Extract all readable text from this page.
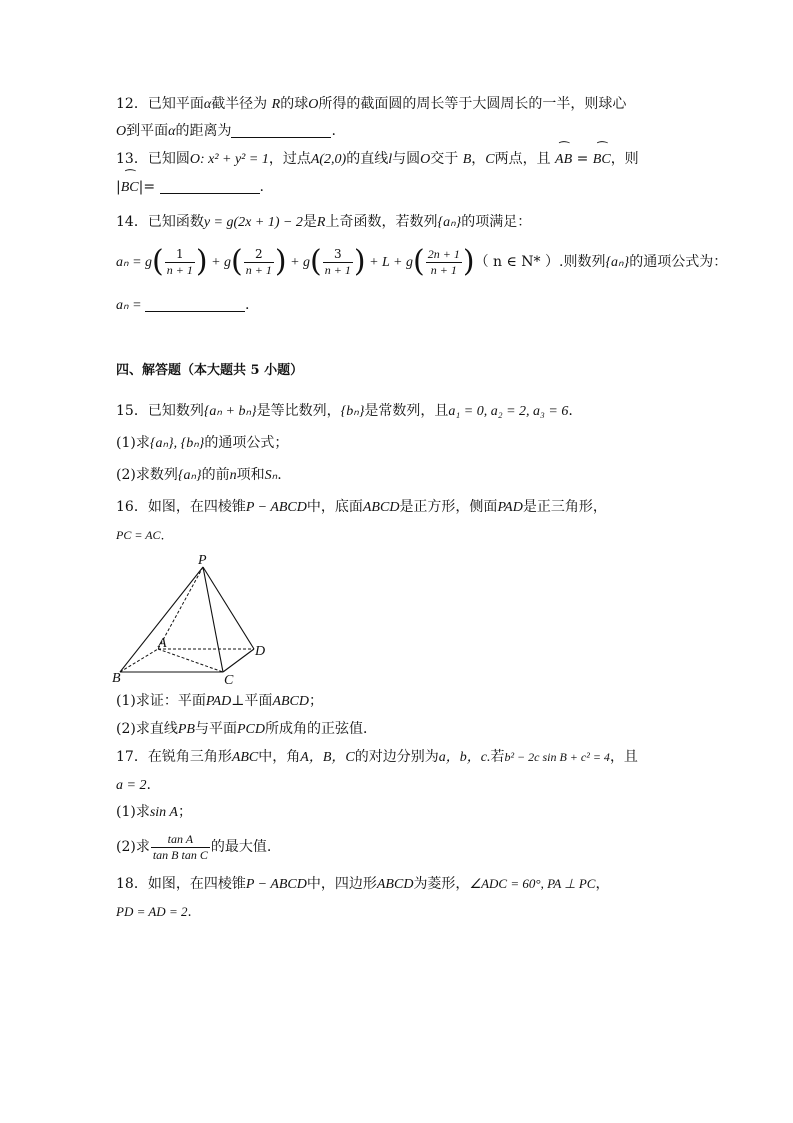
12．已知平面α截半径为 R的球O所得的截面圆的周长等于大圆周长的一半，则球心
O到平面α的距离为	.
13．已知圆O: x² + y² = 1，过点A(2,0)的直线l与圆O交于 B，C两点，且 ‿ AB = ‿ BC，则
|‿ BC|=	.
14．已知函数y = g(2x + 1) − 2是R上奇函数，若数列{aₙ}的项满足：
$a_n = g( \frac{1}{n + 1}$ ) + $g( \frac{2}{n + 1}$ ) + $g( \frac{3}{n + 1}$ ) + $L + g( \frac{2n + 1}{n + 1}$ )（ n ∈ N* ）.则数列{aₙ}的通项公式为：
aₙ =	.
四、解答题（本大题共 5 小题）
15．已知数列{aₙ + bₙ}是等比数列，{bₙ}是常数列，且a₁ = 0, a₂ = 2, a₃ = 6.
(1)求{aₙ}, {bₙ}的通项公式；
(2)求数列{aₙ}的前n项和Sₙ.
16．如图，在四棱锥P − ABCD中，底面ABCD是正方形，侧面PAD是正三角形，
PC = AC．
P
A
B	C
D
(1)求证：平面PAD⊥平面ABCD；
(2)求直线PB与平面PCD所成角的正弦值．
17．在锐角三角形ABC中，角A，B，C的对边分别为a，b，c.若b² − 2c sin B + c² = 4，且
a = 2.
(1)求sin A；
(2)求 $\frac{\text{tan A}}{\text{tan B tan C}}$ 的最大值.
18．如图，在四棱锥P − ABCD中，四边形ABCD为菱形，∠ADC = 60°, PA ⊥ PC，
PD = AD = 2.
